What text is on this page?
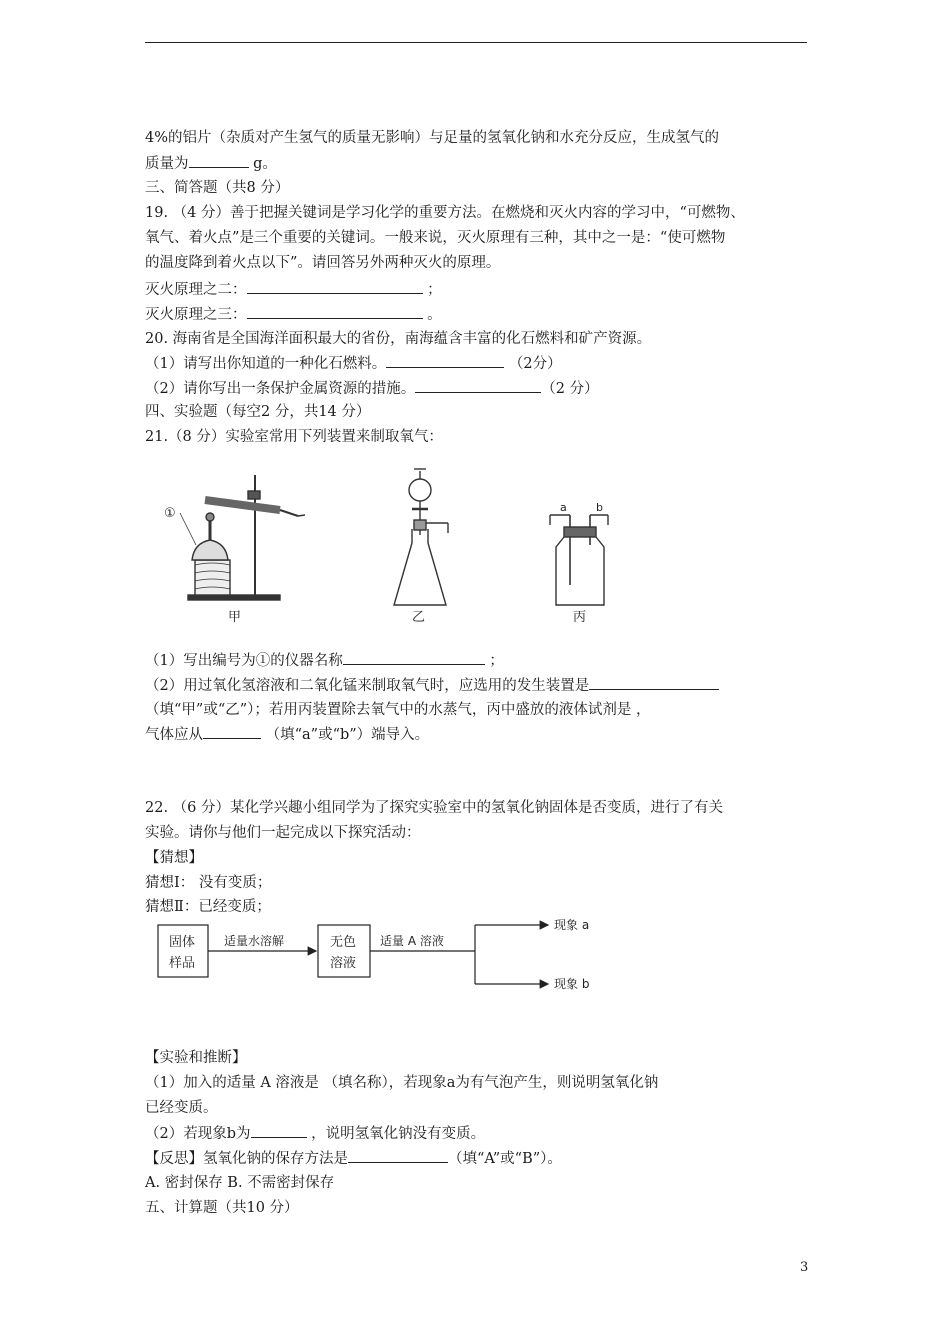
4%的铝片（杂质对产生氢气的质量无影响）与足量的氢氧化钠和水充分反应，生成氢气的
质量为	g。
三、简答题（共8 分）
19. （4 分）善于把握关键词是学习化学的重要方法。在燃烧和灭火内容的学习中，“可燃物、
氧气、着火点”是三个重要的关键词。一般来说，灭火原理有三种，其中之一是：“使可燃物
的温度降到着火点以下”。请回答另外两种灭火的原理。
灭火原理之二：	；
灭火原理之三：	。
20. 海南省是全国海洋面积最大的省份，南海蕴含丰富的化石燃料和矿产资源。
（1）请写出你知道的一种化石燃料。	（2分）
（2）请你写出一条保护金属资源的措施。	（2 分）
四、实验题（每空2 分，共14 分）
21.（8 分）实验室常用下列装置来制取氧气：
①
甲	乙
a	b
丙
（1）写出编号为①的仪器名称	；
（2）用过氧化氢溶液和二氧化锰来制取氧气时，应选用的发生装置是
（填“甲”或“乙”）；若用丙装置除去氧气中的水蒸气，丙中盛放的液体试剂是 ，
气体应从	（填“a”或“b”）端导入。
22. （6 分）某化学兴趣小组同学为了探究实验室中的氢氧化钠固体是否变质，进行了有关
实验。请你与他们一起完成以下探究活动：
【猜想】
猜想Ⅰ： 没有变质；
猜想Ⅱ：已经变质；
固体
样品
适量水溶解	无色
溶液
适量 A 溶液
现象 a
现象 b
【实验和推断】
（1）加入的适量 A 溶液是 （填名称），若现象a为有气泡产生，则说明氢氧化钠
已经变质。
（2）若现象b为	，说明氢氧化钠没有变质。
【反思】氢氧化钠的保存方法是	（填“A”或“B”）。
A. 密封保存 B. 不需密封保存
五、计算题（共10 分）
3
